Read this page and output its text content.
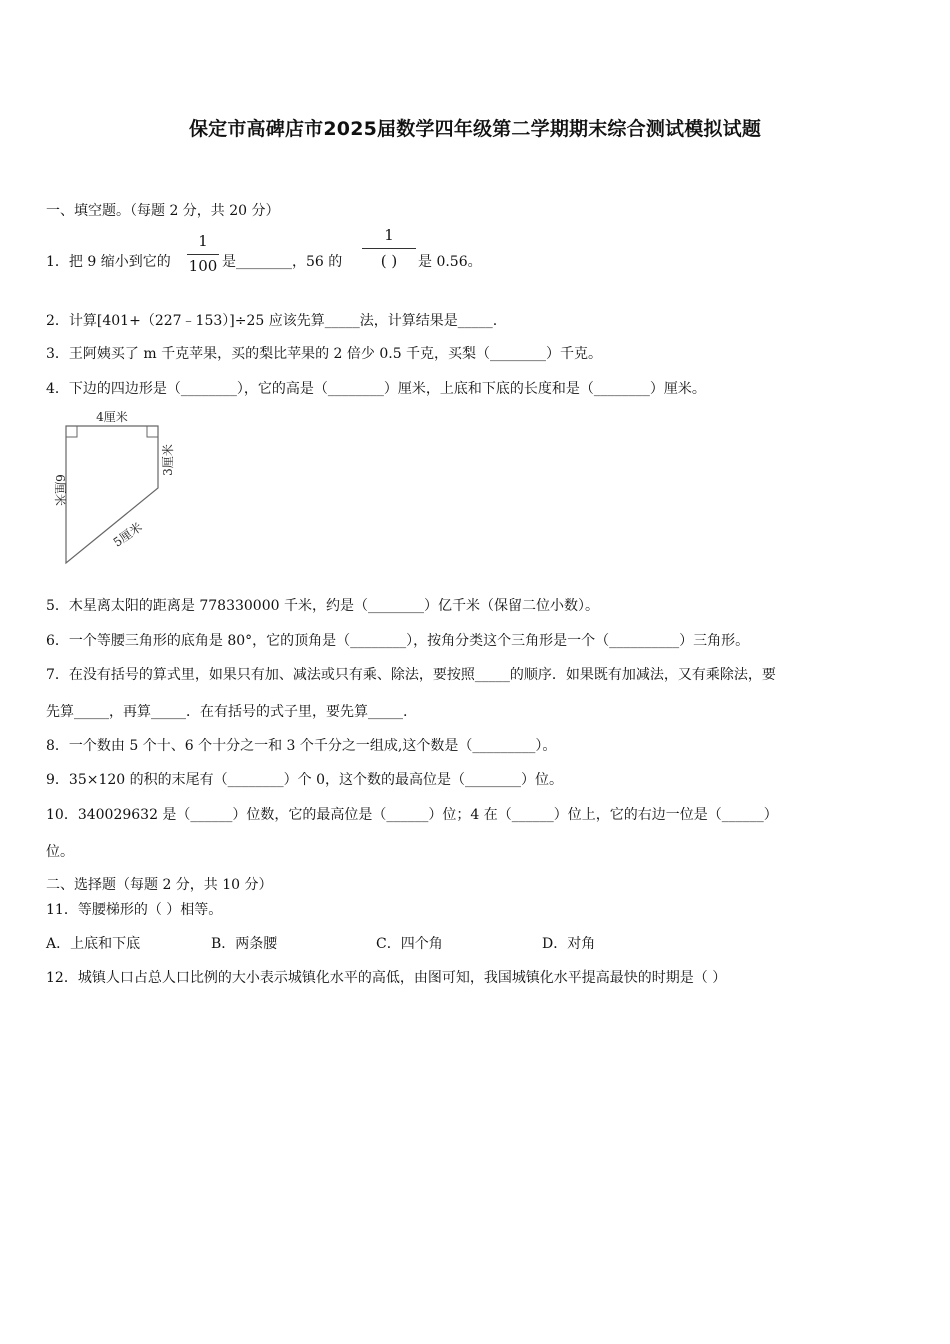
保定市高碑店市2025届数学四年级第二学期期末综合测试模拟试题
一、填空题。（每题 2 分，共 20 分）
1．把 9 缩小到它的
1
100 是________，56 的
1
( )	是 0.56。
2．计算[401+（227﹣153）]÷25 应该先算_____法，计算结果是_____.
3．王阿姨买了 m 千克苹果，买的梨比苹果的 2 倍少 0.5 千克，买梨（________）千克。
4．下边的四边形是（________），它的高是（________）厘米，上底和下底的长度和是（________）厘米。
4厘米
3厘米
6厘米
5厘米
5．木星离太阳的距离是 778330000 千米，约是（________）亿千米（保留二位小数）。
6．一个等腰三角形的底角是 80°，它的顶角是（________），按角分类这个三角形是一个（__________）三角形。
7．在没有括号的算式里，如果只有加、减法或只有乘、除法，要按照_____的顺序．如果既有加减法，又有乘除法，要
先算_____，再算_____．在有括号的式子里，要先算_____.
8．一个数由 5 个十、6 个十分之一和 3 个千分之一组成,这个数是（_________）。
9．35×120 的积的末尾有（________）个 0，这个数的最高位是（________）位。
10．340029632 是（______）位数，它的最高位是（______）位；4 在（______）位上，它的右边一位是（______）
位。
二、选择题（每题 2 分，共 10 分）
11．等腰梯形的（ ）相等。
A．上底和下底	B．两条腰	C．四个角	D．对角
12．城镇人口占总人口比例的大小表示城镇化水平的高低，由图可知，我国城镇化水平提高最快的时期是（ ）
